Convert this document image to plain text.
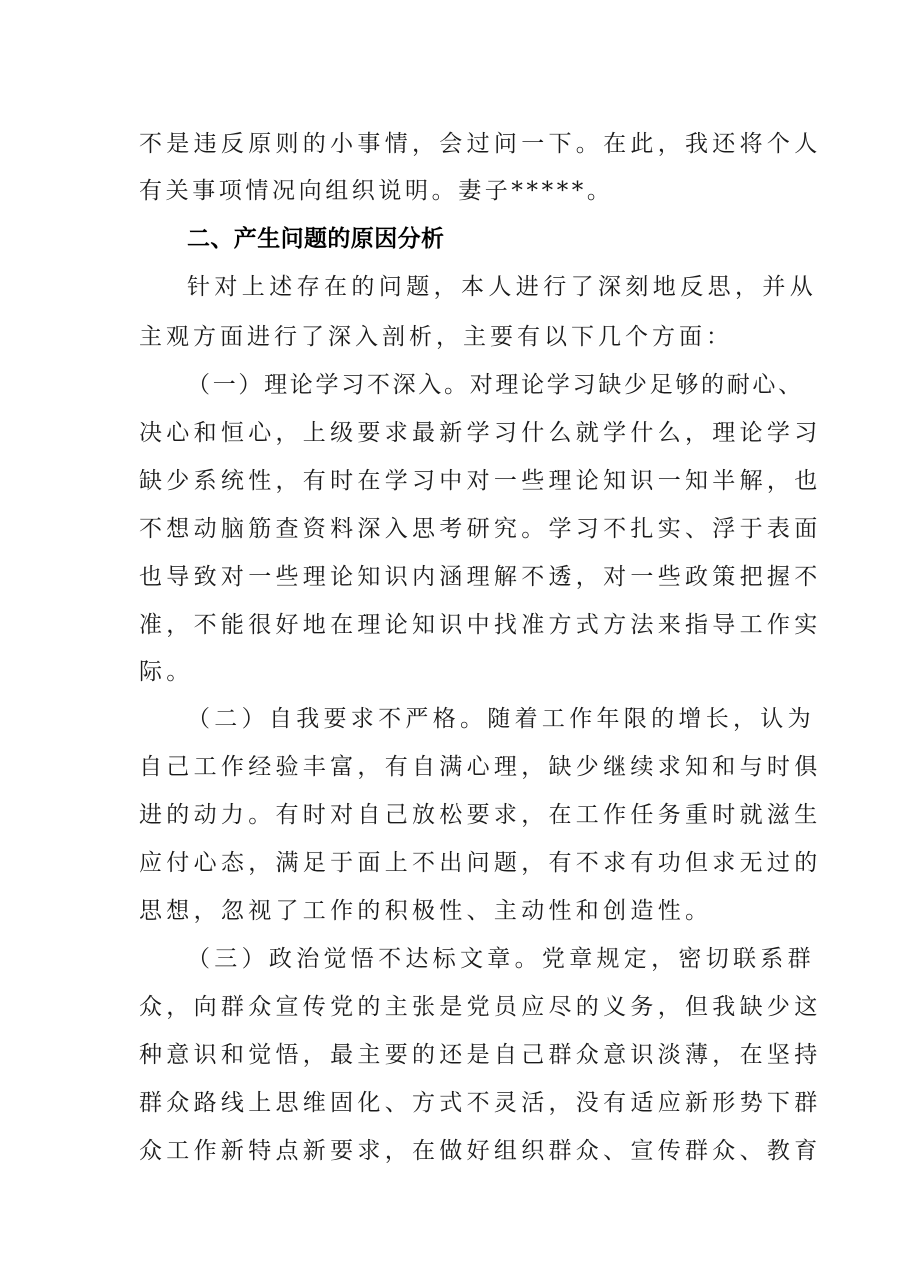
不是违反原则的小事情，会过问一下。在此，我还将个人
有关事项情况向组织说明。妻子*****。
二、产生问题的原因分析
针对上述存在的问题，本人进行了深刻地反思，并从
主观方面进行了深入剖析，主要有以下几个方面：
（一）理论学习不深入。对理论学习缺少足够的耐心、
决心和恒心，上级要求最新学习什么就学什么，理论学习
缺少系统性，有时在学习中对一些理论知识一知半解，也
不想动脑筋查资料深入思考研究。学习不扎实、浮于表面
也导致对一些理论知识内涵理解不透，对一些政策把握不
准，不能很好地在理论知识中找准方式方法来指导工作实
际。
（二）自我要求不严格。随着工作年限的增长，认为
自己工作经验丰富，有自满心理，缺少继续求知和与时俱
进的动力。有时对自己放松要求，在工作任务重时就滋生
应付心态，满足于面上不出问题，有不求有功但求无过的
思想，忽视了工作的积极性、主动性和创造性。
（三）政治觉悟不达标文章。党章规定，密切联系群
众，向群众宣传党的主张是党员应尽的义务，但我缺少这
种意识和觉悟，最主要的还是自己群众意识淡薄，在坚持
群众路线上思维固化、方式不灵活，没有适应新形势下群
众工作新特点新要求，在做好组织群众、宣传群众、教育
